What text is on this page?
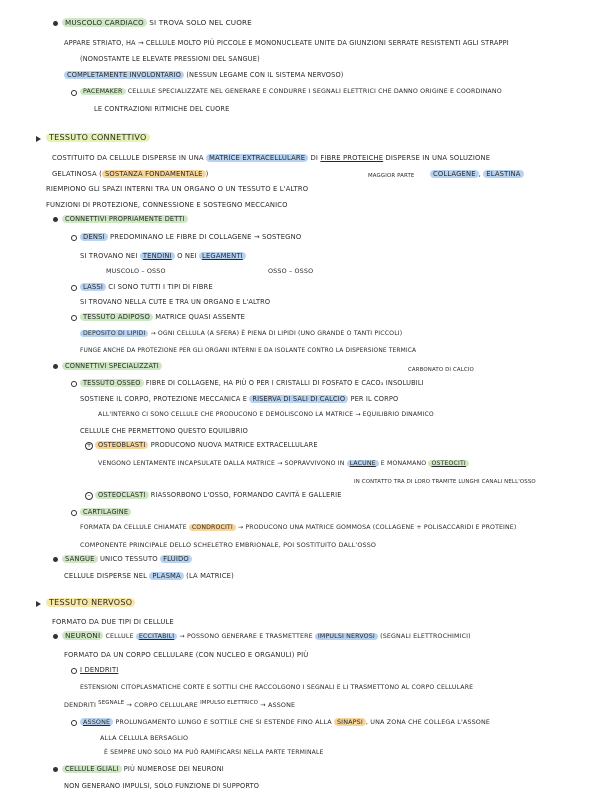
MUSCOLO CARDIACO SI TROVA SOLO NEL CUORE
APPARE STRIATO, HA → CELLULE MOLTO PIÙ PICCOLE E MONONUCLEATE UNITE DA GIUNZIONI SERRATE RESISTENTI AGLI STRAPPI
(NONOSTANTE LE ELEVATE PRESSIONI DEL SANGUE)
COMPLETAMENTE INVOLONTARIO (NESSUN LEGAME CON IL SISTEMA NERVOSO)
PACEMAKER CELLULE SPECIALIZZATE NEL GENERARE E CONDURRE I SEGNALI ELETTRICI CHE DANNO ORIGINE E COORDINANO
LE CONTRAZIONI RITMICHE DEL CUORE
TESSUTO CONNETTIVO
COSTITUITO DA CELLULE DISPERSE IN UNA MATRICE EXTRACELLULARE DI FIBRE PROTEICHE DISPERSE IN UNA SOLUZIONE
GELATINOSA ( SOSTANZA FONDAMENTALE )	MAGGIOR PARTE	COLLAGENE , ELASTINA
RIEMPIONO GLI SPAZI INTERNI TRA UN ORGANO O UN TESSUTO E L'ALTRO
FUNZIONI DI PROTEZIONE, CONNESSIONE E SOSTEGNO MECCANICO
CONNETTIVI PROPRIAMENTE DETTI
DENSI PREDOMINANO LE FIBRE DI COLLAGENE → SOSTEGNO
SI TROVANO NEI TENDINI O NEI LEGAMENTI
MUSCOLO – OSSO	OSSO – OSSO
LASSI CI SONO TUTTI I TIPI DI FIBRE
SI TROVANO NELLA CUTE E TRA UN ORGANO E L'ALTRO
TESSUTO ADIPOSO MATRICE QUASI ASSENTE
DEPOSITO DI LIPIDI → OGNI CELLULA (A SFERA) È PIENA DI LIPIDI (UNO GRANDE O TANTI PICCOLI)
FUNGE ANCHE DA PROTEZIONE PER GLI ORGANI INTERNI E DA ISOLANTE CONTRO LA DISPERSIONE TERMICA
CONNETTIVI SPECIALIZZATI	CARBONATO DI CALCIO
TESSUTO OSSEO FIBRE DI COLLAGENE, HA PIÙ O PER I CRISTALLI DI FOSFATO E CACO₃ INSOLUBILI
SOSTIENE IL CORPO, PROTEZIONE MECCANICA E RISERVA DI SALI DI CALCIO PER IL CORPO
ALL'INTERNO CI SONO CELLULE CHE PRODUCONO E DEMOLISCONO LA MATRICE → EQUILIBRIO DINAMICO
CELLULE CHE PERMETTONO QUESTO EQUILIBRIO
+ OSTEOBLASTI PRODUCONO NUOVA MATRICE EXTRACELLULARE
VENGONO LENTAMENTE INCAPSULATE DALLA MATRICE → SOPRAVVIVONO IN LACUNE E MONAMANO OSTEOCITI
IN CONTATTO TRA DI LORO TRAMITE LUNGHI CANALI NELL'OSSO
–	OSTEOCLASTI RIASSORBONO L'OSSO, FORMANDO CAVITÀ E GALLERIE
CARTILAGINE
FORMATA DA CELLULE CHIAMATE CONDROCITI → PRODUCONO UNA MATRICE GOMMOSA (COLLAGENE + POLISACCARIDI E PROTEINE)
COMPONENTE PRINCIPALE DELLO SCHELETRO EMBRIONALE, POI SOSTITUITO DALL'OSSO
SANGUE UNICO TESSUTO FLUIDO
CELLULE DISPERSE NEL PLASMA (LA MATRICE)
TESSUTO NERVOSO
FORMATO DA DUE TIPI DI CELLULE
NEURONI CELLULE ECCITABILI → POSSONO GENERARE E TRASMETTERE IMPULSI NERVOSI (SEGNALI ELETTROCHIMICI)
FORMATO DA UN CORPO CELLULARE (CON NUCLEO E ORGANULI) PIÙ
I DENDRITI
ESTENSIONI CITOPLASMATICHE CORTE E SOTTILI CHE RACCOLGONO I SEGNALI E LI TRASMETTONO AL CORPO CELLULARE
DENDRITI $^{SEGNALE}$ → CORPO CELLULARE $^{IMPULSO ELETTRICO}$ → ASSONE
ASSONE PROLUNGAMENTO LUNGO E SOTTILE CHE SI ESTENDE FINO ALLA SINAPSI , UNA ZONA CHE COLLEGA L'ASSONE
ALLA CELLULA BERSAGLIO
È SEMPRE UNO SOLO MA PUÒ RAMIFICARSI NELLA PARTE TERMINALE
CELLULE GLIALI PIÙ NUMEROSE DEI NEURONI
NON GENERANO IMPULSI, SOLO FUNZIONE DI SUPPORTO
